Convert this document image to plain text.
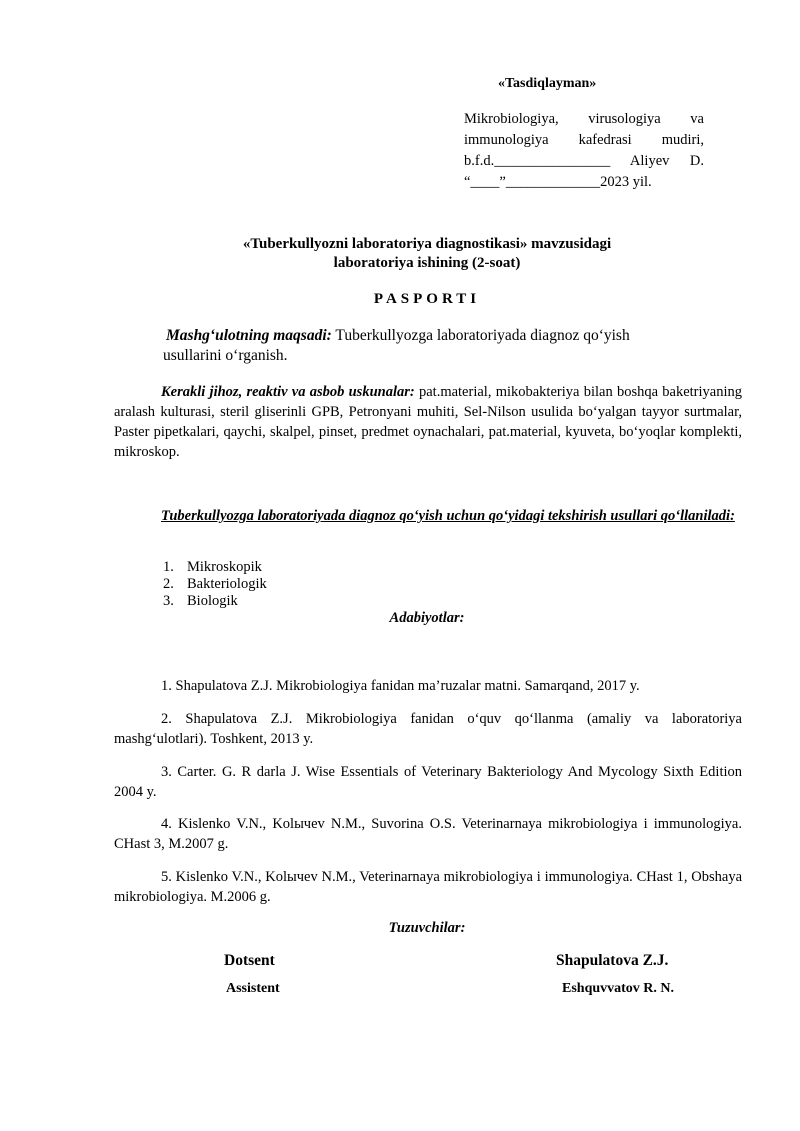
«Tasdiqlayman»
Mikrobiologiya, virusologiya va
immunologiya kafedrasi mudiri,
b.f.d.________________ Aliyev D.
“____”_____________2023 yil.
«Tuberkullyozni laboratoriya diagnostikasi» mavzusidagi
laboratoriya ishining (2-soat)
PASPORTI
Mashg‘ulotning maqsadi: Tuberkullyozga laboratoriyada diagnoz qo‘yish
usullarini o‘rganish.
Kerakli jihoz, reaktiv va asbob uskunalar: pat.material, mikobakteriya bilan boshqa baketriyaning aralash kulturasi, steril gliserinli GPB, Petronyani muhiti, Sel-Nilson usulida bo‘yalgan tayyor surtmalar, Paster pipetkalari, qaychi, skalpel, pinset, predmet oynachalari, pat.material, kyuveta, bo‘yoqlar komplekti, mikroskop.

Tuberkullyozga laboratoriyada diagnoz qo‘yish uchun qo‘yidagi tekshirish usullari qo‘llaniladi:

1. Mikroskopik
2. Bakteriologik
3. Biologik
Adabiyotlar:

1. Shapulatova Z.J. Mikrobiologiya fanidan ma’ruzalar matni. Samarqand, 2017 y.

2. Shapulatova Z.J. Mikrobiologiya fanidan o‘quv qo‘llanma (amaliy va laboratoriya mashg‘ulotlari). Toshkent, 2013 y.

3. Carter. G. R darla J. Wise Essentials of Veterinary Bakteriology And Mycology Sixth Edition 2004 y.

4. Kislenko V.N., Kolычev N.M., Suvorina O.S. Veterinarnaya mikrobiologiya i immunologiya. CHast 3, M.2007 g.

5. Kislenko V.N., Kolычev N.M., Veterinarnaya mikrobiologiya i immunologiya. CHast 1, Obshaya mikrobiologiya. M.2006 g.

Tuzuvchilar:
Dotsent	Shapulatova Z.J.
Assistent	Eshquvvatov R. N.
